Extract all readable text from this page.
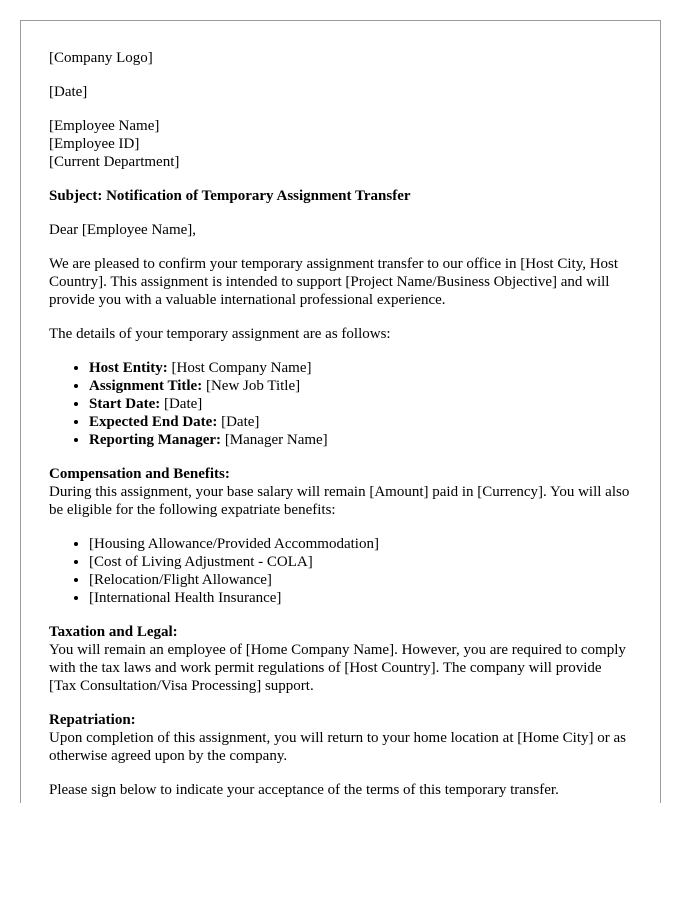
[Company Logo]

[Date]

[Employee Name]

[Employee ID]

[Current Department]

Subject: Notification of Temporary Assignment Transfer

Dear [Employee Name],

We are pleased to confirm your temporary assignment transfer to our office in [Host City, Host Country]. This assignment is intended to support [Project Name/Business Objective] and will provide you with a valuable international professional experience.

The details of your temporary assignment are as follows:

• Host Entity: [Host Company Name]
• Assignment Title: [New Job Title]
• Start Date: [Date]
• Expected End Date: [Date]
• Reporting Manager: [Manager Name]
Compensation and Benefits:

During this assignment, your base salary will remain [Amount] paid in [Currency]. You will also be eligible for the following expatriate benefits:

• [Housing Allowance/Provided Accommodation]
• [Cost of Living Adjustment - COLA]
• [Relocation/Flight Allowance]
• [International Health Insurance]
Taxation and Legal:

You will remain an employee of [Home Company Name]. However, you are required to comply with the tax laws and work permit regulations of [Host Country]. The company will provide [Tax Consultation/Visa Processing] support.

Repatriation:

Upon completion of this assignment, you will return to your home location at [Home City] or as otherwise agreed upon by the company.

Please sign below to indicate your acceptance of the terms of this temporary transfer.
